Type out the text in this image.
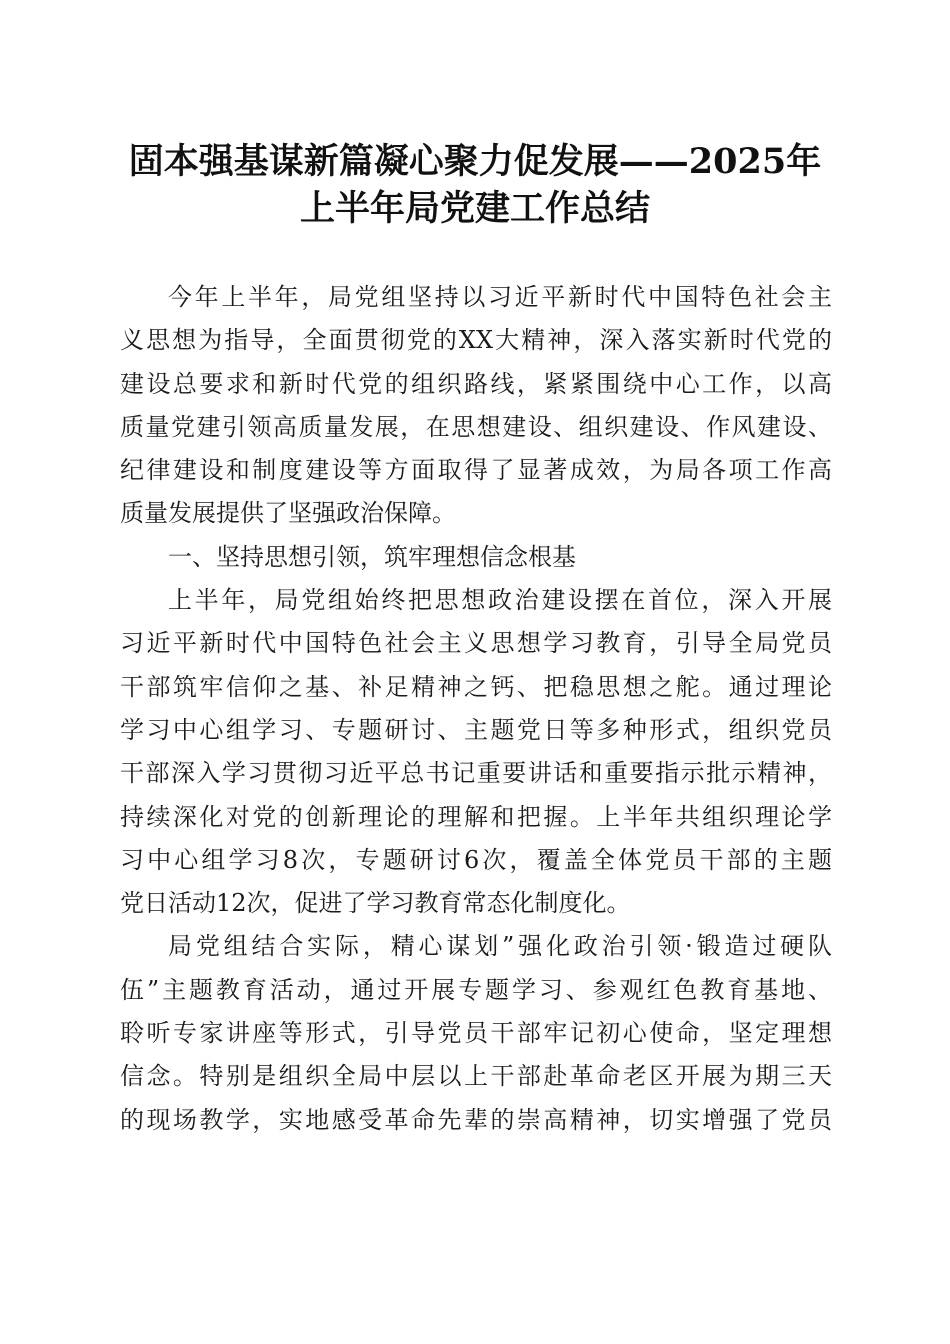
固本强基谋新篇凝心聚力促发展——2025年
上半年局党建工作总结
今年上半年，局党组坚持以习近平新时代中国特色社会主
义思想为指导，全面贯彻党的XX大精神，深入落实新时代党的
建设总要求和新时代党的组织路线，紧紧围绕中心工作，以高
质量党建引领高质量发展，在思想建设、组织建设、作风建设、
纪律建设和制度建设等方面取得了显著成效，为局各项工作高
质量发展提供了坚强政治保障。
一、坚持思想引领，筑牢理想信念根基
上半年，局党组始终把思想政治建设摆在首位，深入开展
习近平新时代中国特色社会主义思想学习教育，引导全局党员
干部筑牢信仰之基、补足精神之钙、把稳思想之舵。通过理论
学习中心组学习、专题研讨、主题党日等多种形式，组织党员
干部深入学习贯彻习近平总书记重要讲话和重要指示批示精神，
持续深化对党的创新理论的理解和把握。上半年共组织理论学
习中心组学习8次，专题研讨6次，覆盖全体党员干部的主题
党日活动12次，促进了学习教育常态化制度化。
局党组结合实际，精心谋划”强化政治引领·锻造过硬队
伍”主题教育活动，通过开展专题学习、参观红色教育基地、
聆听专家讲座等形式，引导党员干部牢记初心使命，坚定理想
信念。特别是组织全局中层以上干部赴革命老区开展为期三天
的现场教学，实地感受革命先辈的崇高精神，切实增强了党员
